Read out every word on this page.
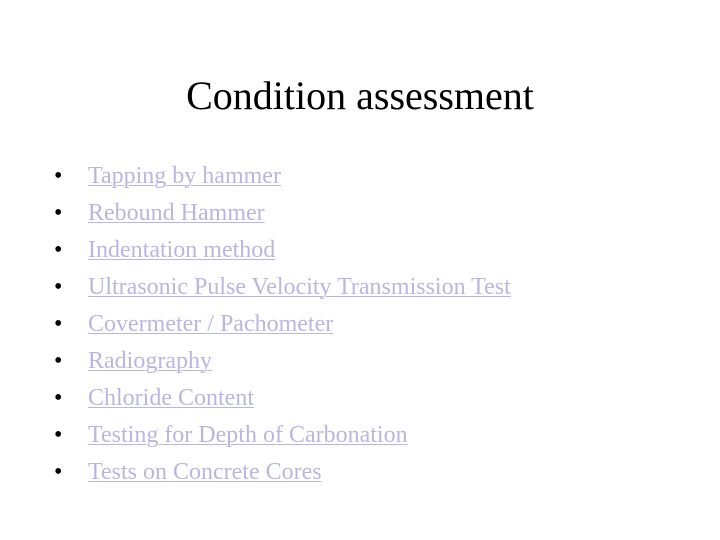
Condition assessment
•	Tapping by hammer
•	Rebound Hammer
•	Indentation method
•	Ultrasonic Pulse Velocity Transmission Test
•	Covermeter / Pachometer
•	Radiography
•	Chloride Content
•	Testing for Depth of Carbonation
•	Tests on Concrete Cores
